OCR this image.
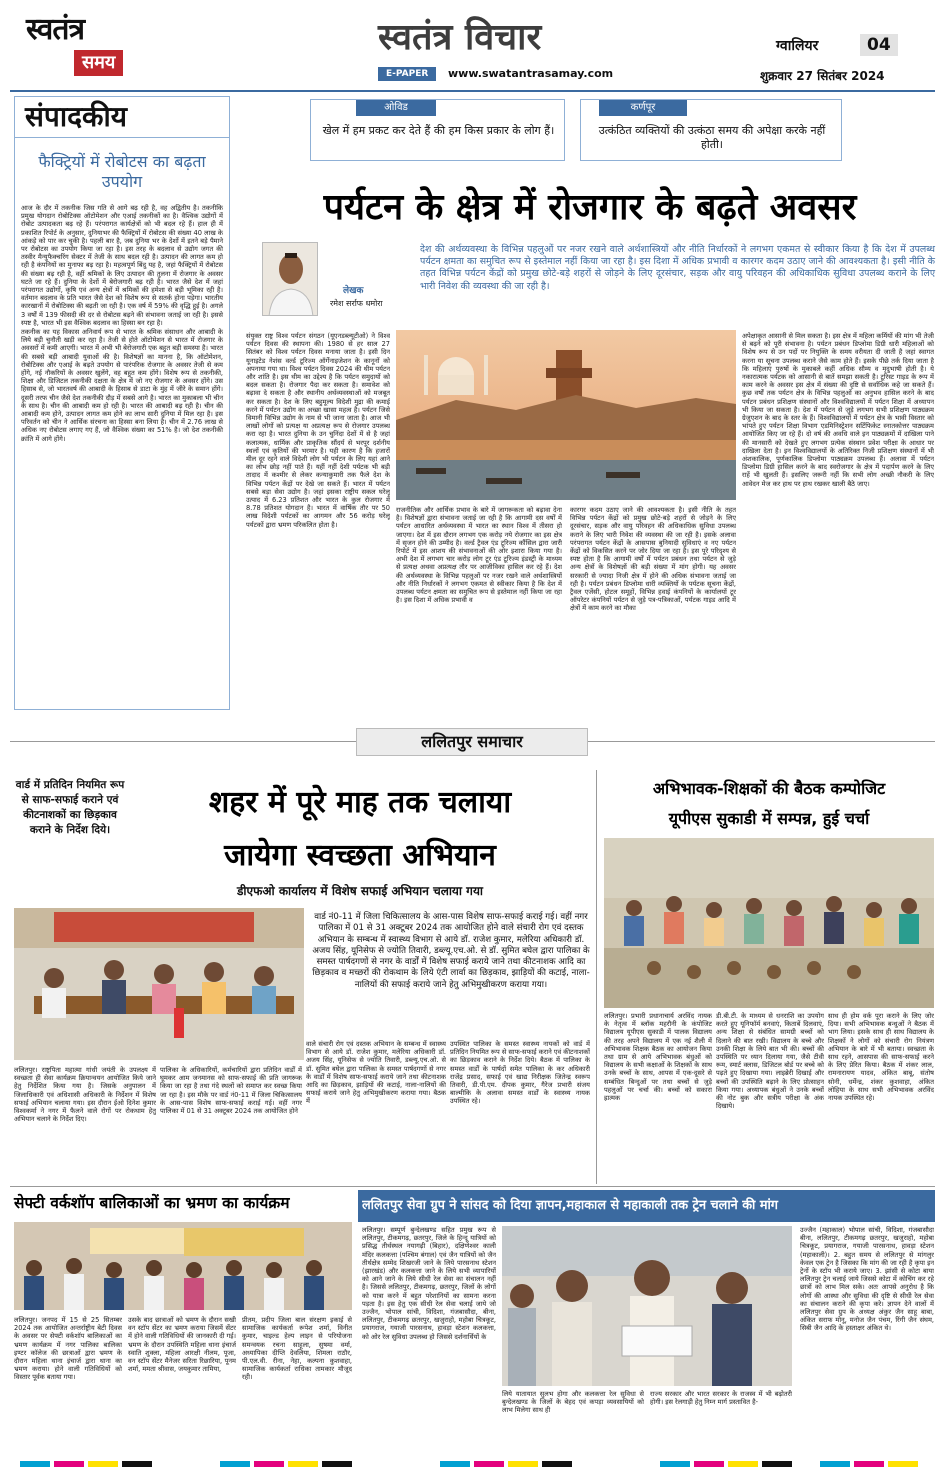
स्वतंत्र
समय
स्वतंत्र विचार
E-PAPER	www.swatantrasamay.com
ग्वालियर	04
शुक्रवार 27 सितंबर 2024
संपादकीय
फैक्ट्रियों में रोबोटस का बढ़ता उपयोग

आज के दौर में तकनीक जिस गति से आगे बढ़ रही है, वह अद्वितीय है। तकनीकि प्रमुख योगदान रोबोटिक्स ऑटोमेशन और एआई तकनीकों का है। वैश्विक उद्योगों में रोबोट उत्पादकता बढ़ रहे हैं। परंपरागत कार्यक्षेत्रों को भी बदल रहे हैं। हाल ही में प्रकाशित रिपोर्ट के अनुसार, दुनियाभर की फैक्ट्रियों में रोबोटस की संख्या 40 लाख के आंकड़े को पार कर चुकी है। पहली बार है, जब दुनिया भर के देशों में इतने बड़े पैमाने पर रोबोटस का उपयोग किया जा रहा है। इस तरह के बदलाव से उद्योग जगत की तस्वीर मैन्युफैक्चरिंग सेक्टर में तेजी के साथ बदल रही है। उत्पादन की लागत कम हो रही है कंपनियों का मुनाफा बढ़ रहा है। महत्वपूर्ण बिंदु यह है, जहां फैक्ट्रियों में रोबोटस की संख्या बढ़ रही है, वहीं श्रमिकों के लिए उत्पादन की तुलना में रोजगार के अवसर घटते जा रहे हैं। दुनिया के देशों में बेरोजगारी बढ़ रही है। भारत जैसे देश में जहां परंपरागत उद्योगों, कृषि एवं अन्य क्षेत्रों में श्रमिकों की हमेशा से बड़ी भूमिका रही है। वर्तमान बदलाव के प्रति भारत जैसे देश को विशेष रूप से सतर्क होना पड़ेगा। भारतीय कारखानों में रोबोटिक्स की बढ़ती जा रही है। एक वर्ष में 59% की वृद्धि हुई है। अगले 3 वर्षों में 139 फीसदी की दर से रोबोटस बढ़ने की संभावना जताई जा रही है। इससे स्पष्ट है, भारत भी इस वैश्विक बदलाव का हिस्सा बन रहा है।

तकनीक का यह विकास अनिवार्य रूप से भारत के श्रमिक संसाधन और आबादी के लिये बड़ी चुनौती खड़ी कर रहा है। तेजी से होते ऑटोमेशन से भारत में रोजगार के अवसरों में कमी आएगी। भारत में अभी भी बेरोजगारी एक बहुत बड़ी समस्या है। भारत की सबसे बड़ी आबादी युवाओं की है। विशेषज्ञों का मानना है, कि ऑटोमेशन, रोबोटिक्स और एआई के बढ़ते उपयोग से पारंपरिक रोजगार के अवसर तेजी से कम होंगे, नई नौकरियों के अवसर खुलेंगे, वह बहुत कम होंगे। विशेष रूप से तकनीकी, शिक्षा और डिजिटल तकनीकी दक्षता के क्षेत्र में जो नए रोजगार के अवसर होंगे। उस हिसाब से, जो भारतवर्ष की आबादी के हिसाब से डाटा के मुंह में जीरे के समान होंगे। दूसरी तरफ चीन जैसे देश तकनीकी दौड़ में सबसे आगे है। भारत का मुकाबला भी चीन के साथ है। चीन की आबादी कम हो रही है। भारत की आबादी बढ़ रही है। चीन की आबादी कम होने, उत्पादन लागत कम होने का लाभ सारी दुनिया में मिल रहा है। इस परिवर्तन को चीन ने आर्थिक संरचना का हिस्सा बना लिया है। चीन में 2.76 लाख से अधिक नए रोबोटस लगाए गए हैं, जो वैश्विक संख्या का 51% है। जो देश तकनीकी क्रांति में आगे होंगे।

ओविड
खेल में हम प्रकट कर देते हैं की हम किस प्रकार के लोग हैं।
कर्णपूर
उत्कंठित व्यक्तियों की उत्कंठा समय की अपेक्षा करके नहीं होती।
पर्यटन के क्षेत्र में रोजगार के बढ़ते अवसर
लेखक
रमेश सर्राफ धमोरा
देश की अर्थव्यवस्था के विभिन्न पहलुओं पर नजर रखने वाले अर्थशास्त्रियों और नीति निर्धारकों ने लगभग एकमत से स्वीकार किया है कि देश में उपलब्ध पर्यटन क्षमता का समुचित रूप से इस्तेमाल नहीं किया जा रहा है। इस दिशा में अधिक प्रभावी व कारगर कदम उठाए जाने की आवश्यकता है। इसी नीति के तहत विभिन्न पर्यटन केंद्रों को प्रमुख छोटे-बड़े शहरों से जोड़ने के लिए दूरसंचार, सड़क और वायु परिवहन की अधिकाधिक सुविधा उपलब्ध कराने के लिए भारी निवेश की व्यवस्था की जा रही है।
संयुक्त राष्ट्र विश्व पर्यटन संगठन (यूएनडब्ल्यूटीओ) ने विश्व पर्यटन दिवस की स्थापना की। 1980 से हर साल 27 सितंबर को विश्व पर्यटन दिवस मनाया जाता है। इसी दिन यूनाइटेड नेशंस वर्ल्ड टूरिज्म ऑर्गेनाइजेशन के कानूनों को अपनाया गया था। विश्व पर्यटन दिवस 2024 की थीम पर्यटन और शांति है। इस थीम का उद्देश्य है कि पर्यटन समुदायों को बदल सकता है। रोजगार पैदा कर सकता है। समावेश को बढ़ावा दे सकता है और स्थानीय अर्थव्यवस्थाओं को मजबूत कर सकता है। देश के लिए बहुमूल्य विदेशी मुद्रा की कमाई करने में पर्यटन उद्योग का अच्छा खासा महत्व है। पर्यटन जिसे विमानी विभिन्न उद्योग के नाम से भी जाना जाता है। आज भी लाखों लोगों को प्रत्यक्ष या अप्रत्यक्ष रूप से रोजगार उपलब्ध करा रहा है। भारत दुनिया के उन चुनिंदा देशों में से है जहां कलात्मक, धार्मिक और प्राकृतिक सौंदर्य से भरपूर दर्शनीय स्थलों एवं कृतियों की भरमार है। यही कारण है कि हजारों मील दूर रहने वाले विदेशी लोग भी पर्यटन के लिए यहां आने का लोभ छोड़ नहीं पाते हैं। यहीं नहीं देशी पर्यटक भी बड़ी तादाद में कश्मीर से लेकर कन्याकुमारी तक फैले देश के विभिन्न पर्यटन केंद्रों पर देखे जा सकते हैं। भारत में पर्यटन सबसे बड़ा सेवा उद्योग है। जहां इसका राष्ट्रीय सकल घरेलू उत्पाद में 6.23 प्रतिशत और भारत के कुल रोजगार में 8.78 प्रतिशत योगदान है। भारत में वार्षिक तौर पर 50 लाख विदेशी पर्यटकों का आगमन और 56 करोड़ घरेलू पर्यटकों द्वारा भ्रमण परिकलित होता है।
राजनीतिक और आर्थिक प्रभाव के बारे में जागरूकता को बढ़ावा देना है। विशेषज्ञों द्वारा संभावना जताई जा रही है कि आगामी दस वर्षों में पर्यटन आधारित अर्थव्यवस्था में भारत का स्थान विश्व में तीसरा हो जाएगा। देश में इस दौरान लगभग एक करोड़ नये रोजगार का इस क्षेत्र में सृजन होने की उम्मीद है। वर्ल्ड ट्रैवल एंड टूरिज्म कौंसिल द्वारा जारी रिपोर्ट में इस आशय की संभावनाओं की ओर इशारा किया गया है। अभी देश में लगभग चार करोड़ लोग टूर एंड टूरिज्म इंडस्ट्री के माध्यम से प्रत्यक्ष अथवा अप्रत्यक्ष तौर पर आजीविका हासिल कर रहे हैं। देश की अर्थव्यवस्था के विभिन्न पहलुओं पर नजर रखने वाले अर्थशास्त्रियों और नीति निर्धारकों ने लगभग एकमत से स्वीकार किया है कि देश में उपलब्ध पर्यटन क्षमता का समुचित रूप से इस्तेमाल नहीं किया जा रहा है। इस दिशा में अधिक प्रभावी व
कारगर कदम उठाए जाने की आवश्यकता है। इसी नीति के तहत विभिन्न पर्यटन केंद्रों को प्रमुख छोटे-बड़े शहरों से जोड़ने के लिए दूरसंचार, सड़क और वायु परिवहन की अधिकाधिक सुविधा उपलब्ध कराने के लिए भारी निवेश की व्यवस्था की जा रही है। इसके अलावा परंपरागत पर्यटन केंद्रों के आसपास बुनियादी सुविधाएं व नए पर्यटन केंद्रों को विकसित करने पर जोर दिया जा रहा है। इस पूरे परिदृश्य से स्पष्ट होता है कि आगामी वर्षों में पर्यटन प्रबंधन तथा पर्यटन से जुड़े अन्य क्षेत्रों के विशेषज्ञों की बड़ी संख्या में मांग होगी। यह अवसर सरकारी से ज्यादा निजी क्षेत्र में होने की अधिक संभावना जताई जा रही है। पर्यटन प्रबंधन डिप्लोमा धारी व्यक्तियों के पर्यटक सूचना केंद्रों, ट्रैवल एजेंसी, होटल समूहों, विभिन्न हवाई कंपनियों के कार्यालयों टूर ऑपरेटर कंपनियों पर्यटन से जुड़े पत्र-पत्रिकाओं, पर्यटक गाइड आदि में क्षेत्रों में काम करने का मौका
अपेक्षाकृत आसानी से मिल सकता है। इस क्षेत्र में महिला कर्मियों की मांग भी तेजी से बढ़ने को पूरी संभावना है। पर्यटन प्रबंधन डिप्लोमा डिग्री धारी महिलाओं को विशेष रूप से उन पदों पर नियुक्ति के समय वरीयता दी जाती है जहां स्वागत करना या सूचना उपलब्ध कराने जैसे काम होते हैं। इसके पीछे तर्क दिया जाता है कि महिलाएं पुरुषों के मुकाबले कहीं अधिक सौम्य व मृदुभाषी होती है। ये नकारात्मक पर्यटक को आसानी से बातें समझा सकती है। टूरिस्ट गाइड के रूप में काम करने के अवसर इस क्षेत्र में संख्या की दृष्टि से सर्वाधिक कहे जा सकते हैं। कुछ वर्षों तक पर्यटन क्षेत्र के विभिन्न पहलुओं का अनुभव हासिल करने के बाद पर्यटन प्रबंधन प्रशिक्षण संस्थानों और विश्वविद्यालयों में पर्यटन शिक्षा में अध्यापन भी किया जा सकता है। देश में पर्यटन से जुड़े लगभग सभी प्रशिक्षण पाठ्यक्रम ग्रेजुएशन के बाद के स्तर के हैं। विश्वविद्यालयों में पर्यटन क्षेत्र के भावी विस्तार को भांपते हुए पर्यटन शिक्षा विभाग एडमिनिस्ट्रेशन सर्टिफिकेट स्नातकोत्तर पाठ्यक्रम आयोजित किए जा रहे हैं। दो वर्ष की अवधि वाले इन पाठ्यक्रमों में दाखिला पाने की मानसारी को देखते हुए लगभग प्रत्येक संस्थान प्रवेश परीक्षा के आधार पर दाखिला देता है। इन विश्वविद्यालयों के अतिरिक्त निजी प्रशिक्षण संस्थानों में भी अंशकालिक, पूर्णकालिक डिप्लोमा पाठ्यक्रम उपलब्ध हैं। अलावा में पर्यटन डिप्लोमा डिग्री हासिल करने के बाद स्वरोजगार के क्षेत्र में पदार्पण करने के लिए राहें भी खुलती हैं। इसलिए जरूरी नहीं कि सभी लोग अच्छी नौकरी के लिए आवेदन मेज कर हाथ पर हाथ रखकर खाली बैठे जाए।
ललितपुर समाचार
वार्ड में प्रतिदिन नियमित रूप से साफ-सफाई कराने एवं कीटनाशकों का छिड़काव कराने के निर्देश दिये।
शहर में पूरे माह तक चलाया
जायेगा स्वच्छता अभियान
डीएफओ कार्यालय में विशेष सफाई अभियान चलाया गया
वार्ड नं0-11 में जिला चिकित्सालय के आस-पास विशेष साफ-सफाई कराई गई। वहीं नगर पालिका में 01 से 31 अक्टूबर 2024 तक आयोजित होने वाले संचारी रोग एवं दस्तक अभियान के सम्बन्ध में स्वास्थ्य विभाग से आये डॉ. राजेश कुमार, मलेरिया अधिकारी डॉ. अजय सिंह, यूनिसेफ से ज्योति तिवारी, डब्ल्यू.एच.ओ. से डॉ. सुमित बघेल द्वारा पालिका के समस्त पार्षदगणों से नगर के वार्डों में विशेष सफाई कराये जाने तथा कीटनाशक आदि का छिड़काव व मच्छरों की रोकथाम के लिये एंटी लार्वा का छिड़काव, झाड़ियों की कटाई, नाला-नालियों की सफाई कराये जाने हेतु अभिमुखीकरण कराया गया।
ललितपुर। राष्ट्रपिता महात्मा गांधी जयंती के उपलक्ष्य में स्वच्छता ही सेवा कार्यक्रम क्रियान्वयन आयोजित किये जाने हेतु निर्देशित किया गया है। जिसके अनुपालन में जिलाधिकारी एवं अधिशासी अधिकारी के निर्देशन में विशेष सफाई अभियान चलाया गया। इस दौरान ईओ दिनेश कुमार विश्वकर्मा ने नगर में फैलने वाले रोगों पर रोकथाम हेतु अभियान चलाने के निर्देश दिए।
पालिका के अधिकारियों, कर्मचारियों द्वारा प्रतिदिन वार्डों में घूमकर आम जनमानस को साफ-सफाई की प्रति जागरूक किया जा रहा है तथा गंदे स्थलों को समाप्त कर स्वच्छ किया जा रहा है। इस मौके पर वार्ड नं0-11 में जिला चिकित्सालय के आस-पास विशेष साफ-सफाई कराई गई। वहीं नगर पालिका में 01 से 31 अक्टूबर 2024 तक आयोजित होने
वाले संचारी रोग एवं दस्तक अभियान के सम्बन्ध में स्वास्थ्य विभाग से आये डॉ. राजेश कुमार, मलेरिया अधिकारी डॉ. अजय सिंह, यूनिसेफ से ज्योति तिवारी, डब्ल्यू.एच.ओ. से डॉ. सुमित बघेल द्वारा पालिका के समस्त पार्षदगणों से नगर के वार्डों में विशेष साफ-सफाई कराये जाने तथा कीटनाशक आदि का छिड़काव, झाड़ियों की कटाई, नाला-नालियों की सफाई कराये जाने हेतु अभिमुखीकरण कराया गया। बैठक में
उपस्थित पालिका के समस्त स्वास्थ्य नायकों को वार्ड में प्रतिदिन नियमित रूप से साफ-सफाई कराने एवं कीटनाशकों का छिड़काव कराने के निर्देश दिये। बैठक में पालिका के समस्त वार्डों के पार्षदों समेत पालिका के कर अधिकारी राजेंद्र प्रसाद, सफाई एवं खाद्य निरीक्षक जितेन्द्र स्वरूप तिवारी, डी.पी.एम. दीपक कुमार, गैरेज प्रभारी संजय बाल्मीकि के अलावा समस्त वार्डों के स्वास्थ्य नायक उपस्थित रहे।
अभिभावक-शिक्षकों की बैठक कम्पोजिट
यूपीएस सुकाडी में सम्पन्न, हुई चर्चा
ललितपुर। प्रभारी प्रधानाचार्य अरविंद नायक के नेतृत्व में ब्लॉक महरौनी के कंपोजिट विद्यालय यूपीएस सुकाडी में पालक विद्यालय की तरह अपने विद्यालय में एक नई शैली में अभिभावक शिक्षक बैठक का आयोजन किया तथा ग्राम से आये अभिभावक बंधुओं को विद्यालय के सभी कक्षाओं के शिक्षकों के साथ उनके बच्चों के साथ, आपस में एक-दूसरे से सम्बंधित बिन्दुओं पर तथा बच्चों से जुड़े पहलुओं पर चर्चा की। बच्चों को सकारा ह्रात्मक
डी.बी.टी. के माध्यम से धनराशि का उपयोग करते हुए यूनिफॉर्म बनवाएं, किताबें दिलवाएं, अन्य शिक्षा से संबंधित सामग्री बच्चों को दिलाने की बात रखी। विद्यालय के बच्चे और उनकी शिक्षा के लिये बात भी की। बच्चों की उपस्थिति पर ध्यान दिलाया गया, जैसे टीवी रूम, स्मार्ट क्लास, डिजिटल बोर्ड पर बच्चे को पढ़ते हुए दिखाया गया। लाइब्रेरी दिखाई और बच्चों की उपस्थिति बढ़ाने के लिए प्रोत्साहन किया गया। अध्यापक बंधुओं ने उनके बच्चों की नोट बुक और सत्रीय परीक्षा के अंक दिखाये।
साथ ही होम वर्क पूरा कराने के लिए जोर दिया। सभी अभिभावक बन्धुओं ने बैठक में भाग लिया। इसके साथ ही साथ विद्यालय के शिक्षकों ने लोगों को संचारी रोग नियंत्रण अभियान के बारे में भी बताया। स्वच्छता के साथ रहने, आसपास की साफ-सफाई करने के लिए प्रेरित किया। बैठक में शंकर लाल, रामनारायण यादव, अंकित बाबू, संतोष सोनी, धर्मेन्द्र, शंकर कुशवाहा, अंकित लोहिया के साथ सभी अभिभावक अरविंद नायक उपस्थित रहे।
सेफ्टी वर्कशॉप बालिकाओं का भ्रमण का कार्यक्रम
ललितपुर। जनपद में 15 से 25 सितम्बर 2024 तक आयोजित अन्तर्राष्ट्रीय बेटी दिवस के अवसर पर सेफ्टी वर्कशॉप बालिकाओं का भ्रमण कार्यक्रम में नगर पालिका बालिका इण्टर कॉलेज की छात्राओं द्वारा भ्रमण के दौरान महिला थाना इंचार्ज द्वारा थाना का भ्रमण कराया। होने वाली गतिविधियों को विस्तार पूर्वक बताया गया।
उसके बाद छात्राओं को भ्रमण के दौरान सखी वन स्टॉप सेंटर का भ्रमण कराया जिसमें सेंटर में होने वाली गतिविधियों की जानकारी दी गई। भ्रमण के दौरान उपस्थिति महिला थाना इंचार्ज स्वाति शुक्ला, महिला आरक्षी नीलम, पूजा, वन स्टॉप सेंटर मैनेजर सरिता रिछारिया, पूनम शर्मा, ममता श्रीवास, जयकुमार तामिया,
प्रीतम, प्रदीप जिला बाल संरक्षण इकाई से सामाजिक कार्यकर्ता रूपेश शर्मा, विनीत कुमार, चाइल्ड हेल्प लाइन से परियोजना समन्वयक रचना साहूला, सुषमा वर्मा, अध्यापिका दीप्ति देवलिया, शिमला राठौर, पी.एल.वी. रीना, नेहा, कल्पना कुशवाहा, सामाजिक कार्यकर्ता राधिका तामकार मौजूद रही।
ललितपुर सेवा ग्रुप ने सांसद को दिया ज्ञापन,महाकाल से महाकाली तक ट्रेन चलाने की मांग
ललितपुर। सम्पूर्ण बुन्देलखण्ड सहित प्रमुख रूप से ललितपुर, टीकमगढ़, छतरपुर, जिले के हिन्दू यात्रियों को प्रसिद्ध तीर्थस्थल नयागढ़ी (बिहार), दक्षिणेश्वर काली मंदिर कलकत्ता (पश्चिम बंगाल) एवं जैन यात्रियों को जैन तीर्थक्षेत्र सम्मेद शिखरजी जाने के लिये पारसनाथ स्टेशन (झारखंड) और कलकत्ता जाने के लिये सभी व्यापारियों को आने जाने के लिये सीधी रेल सेवा का संचालन नहीं है। जिससे ललितपुर, टीकमगढ़, छतरपुर, जिलों के लोगों को यात्रा करने में बहुत परेशानियों का सामना करना पड़ता है। इस हेतु एक सीधी रेल सेवा चलाई जाये जो उज्जैन, भोपाल सांची, विदिशा, गंजबासौदा, बीना, ललितपुर, टीकमगढ़ छतरपुर, खजुराहो, महोबा चित्रकूट, प्रयागराज, गयाजी पारसनाथ, हावड़ा स्टेशन कलकत्ता, को ओर रेल सुविधा उपलब्ध हो जिससे दर्शनार्थियों के
लिये यातायात सुलभ होगा और कलकत्ता रेल सुविधा से बुन्देलखण्ड के जिलों के बेहद एवं कपड़ा व्यवसायियों को लाभ मिलेगा साथ ही
राज्य सरकार और भारत सरकार के राजस्व में भी बढ़ोतरी होगी। इस रेलगाड़ी हेतु निम्न मार्ग प्रस्तावित है-
उज्जैन (महाकाल) भोपाल सांची, विदिशा, गंजबासौदा बीना, ललितपुर, टीकमगढ़ छतरपुर, खजुराहो, महोबा चित्रकूट, प्रयागराज, गयाजी पारसनाथ, हावड़ा स्टेशन (महाकाली)। 2. बहुत समय से ललितपुर से मांगलुर केवल एक ट्रेन है जिसका कि मांग की जा रही है कृपा इन ट्रेनों के स्टॉप भी कराये जाए। 3. झांसी से कोटा बाया ललितपुर ट्रेन चलाई जाये जिससे कोटा में कोचिंग कर रहे छात्रों को लाभ मिल सके। अतः आपसे अनुरोध है कि लोगों की आस्था और सुविधा की दृष्टि से सीधी रेल सेवा का संचालन कराने की कृपा करे। ज्ञापन देने वालों में ललितपुर सेवा ग्रुप के अध्यक्ष अंकुर जैन साहू बाबा, अंकित सराफ मोनू, मनोज जैन पंचम, रिंगी जैन संघम, सिबी जैन आदि के हस्ताक्षर अंकित थे।
